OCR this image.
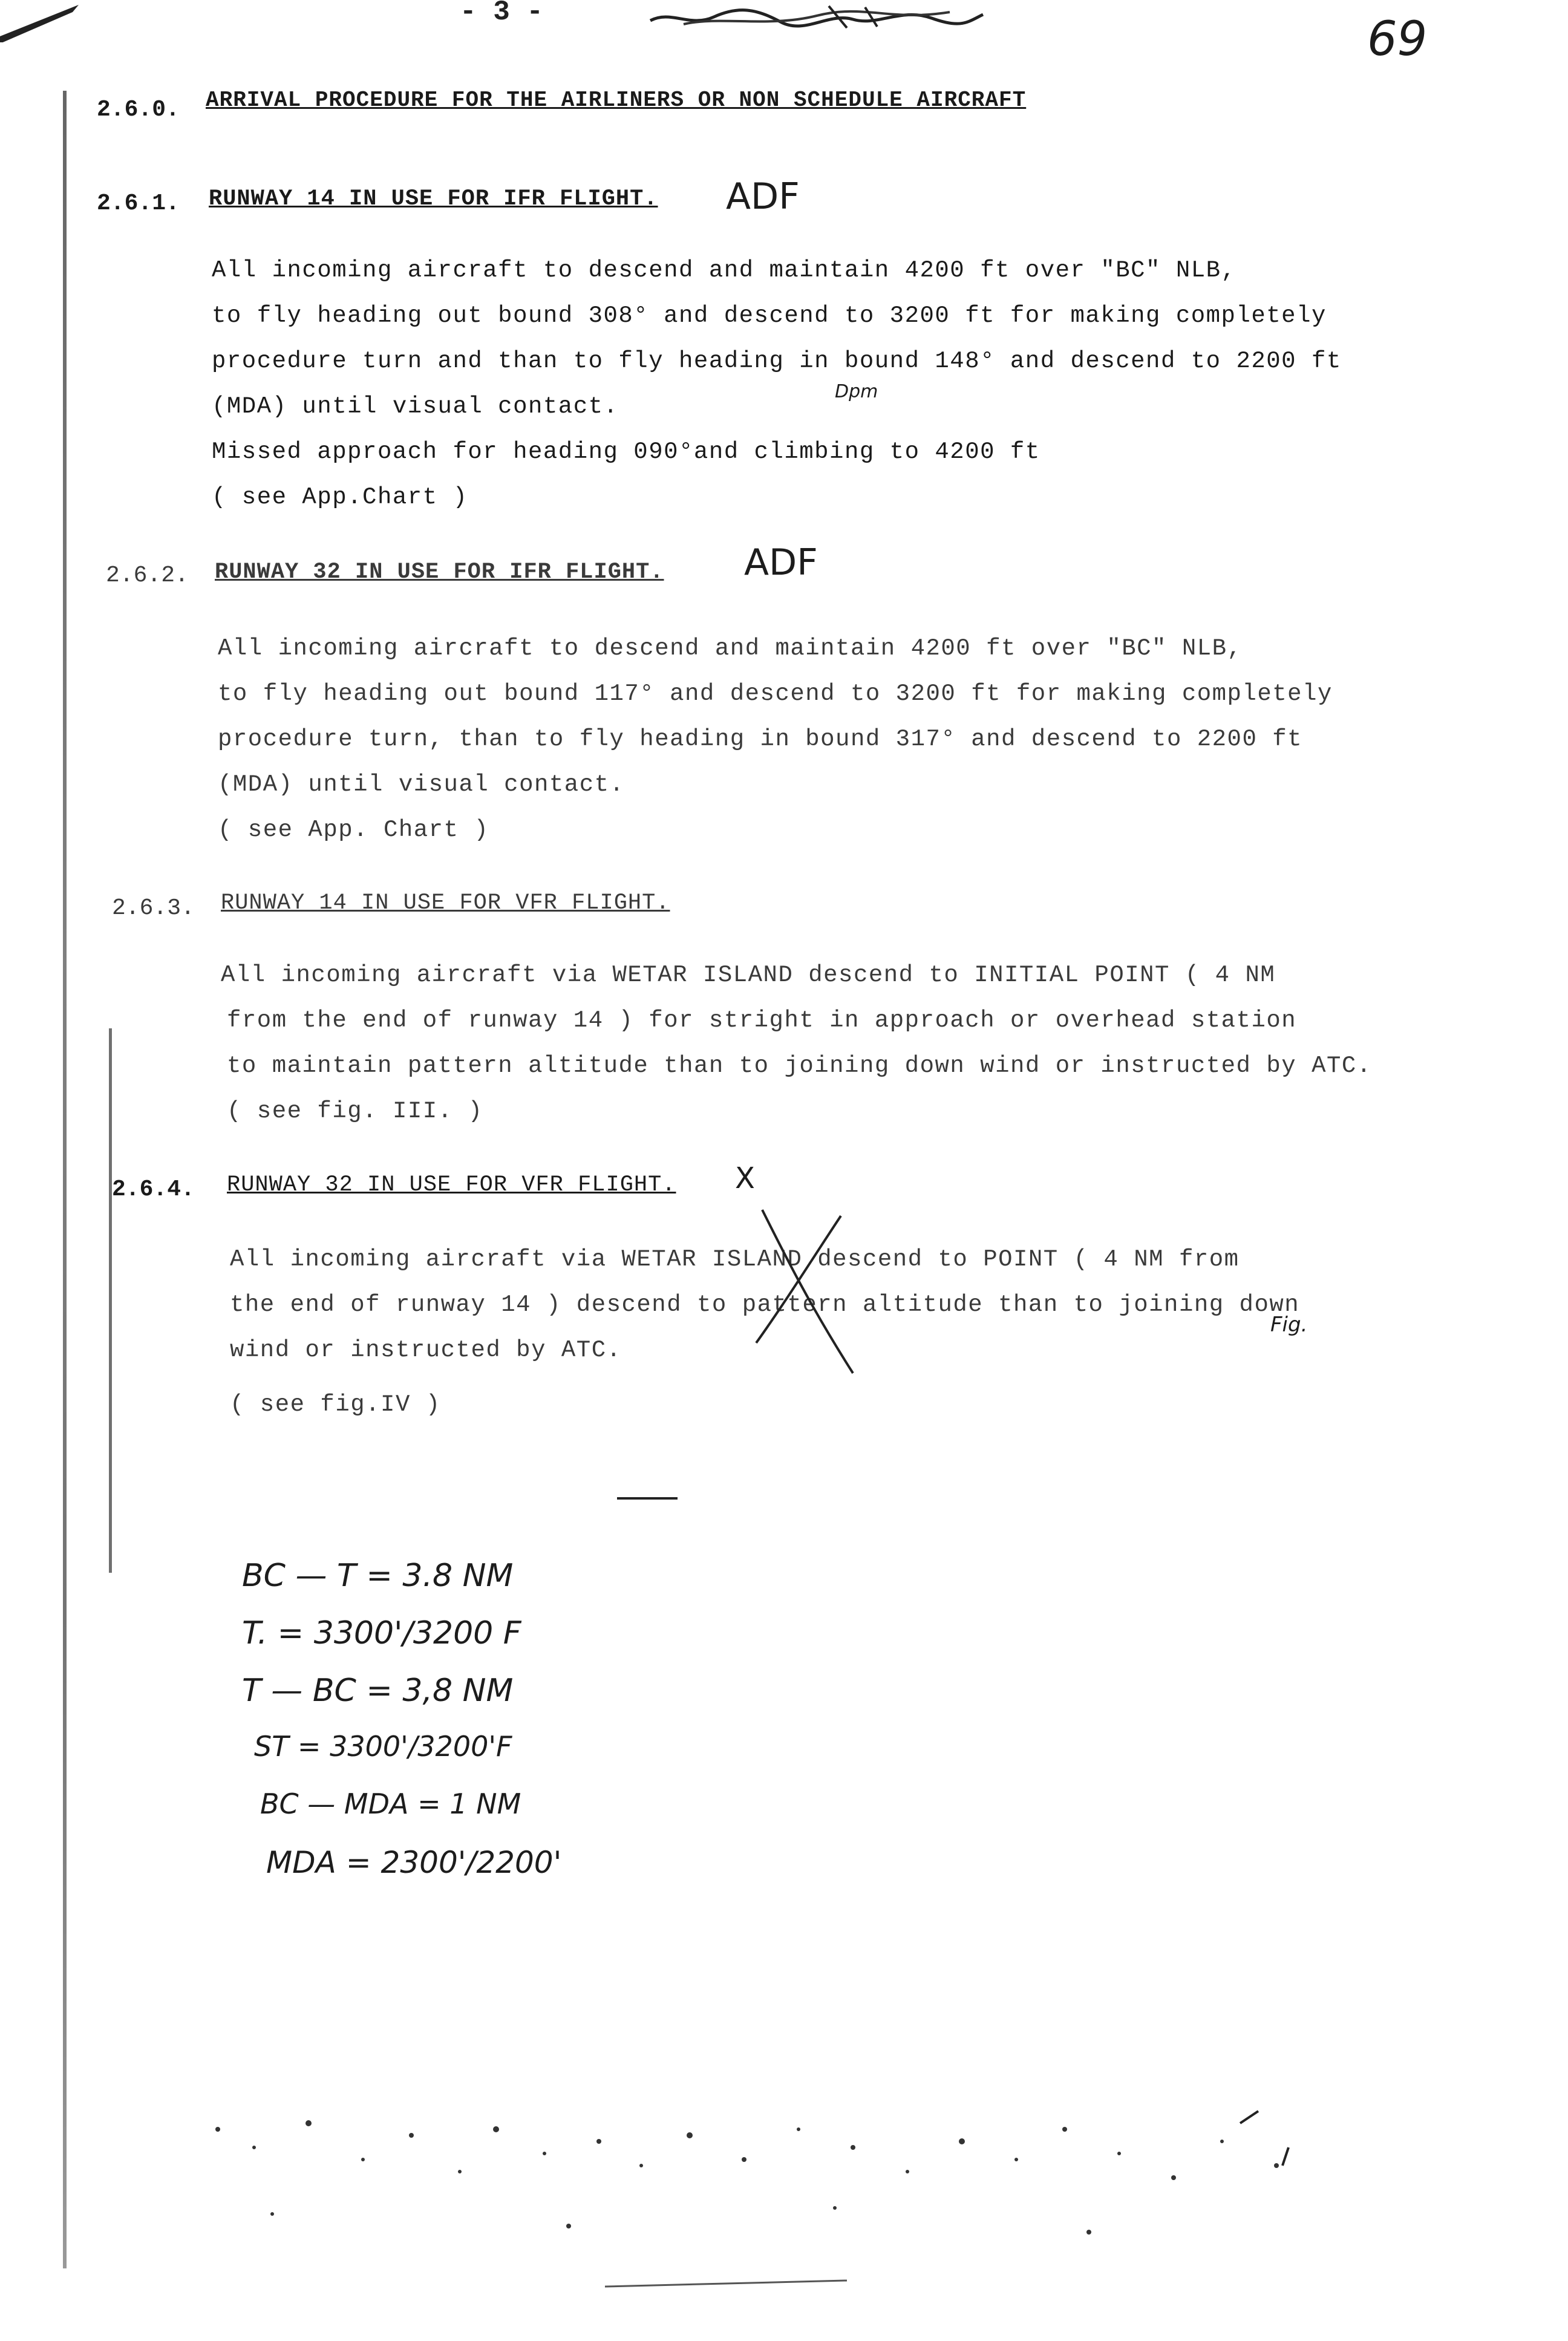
- 3 -	69
2.6.0. ARRIVAL PROCEDURE FOR THE AIRLINERS OR NON SCHEDULE AIRCRAFT
2.6.1. RUNWAY 14 IN USE FOR IFR FLIGHT. ADF
All incoming aircraft to descend and maintain 4200 ft over "BC" NLB,
to fly heading out bound 308° and descend to 3200 ft for making completely
procedure turn and than to fly heading in bound 148° and descend to 2200 ft
Dpm
(MDA) until visual contact.
Missed approach for heading 090°and climbing to 4200 ft
( see App.Chart )
2.6.2. RUNWAY 32 IN USE FOR IFR FLIGHT. ADF
All incoming aircraft to descend and maintain 4200 ft over "BC" NLB,
to fly heading out bound 117° and descend to 3200 ft for making completely
procedure turn, than to fly heading in bound 317° and descend to 2200 ft
(MDA) until visual contact.
( see App. Chart )
2.6.3. RUNWAY 14 IN USE FOR VFR FLIGHT.
All incoming aircraft via WETAR ISLAND descend to INITIAL POINT ( 4 NM
from the end of runway 14 ) for stright in approach or overhead station
to maintain pattern altitude than to joining down wind or instructed by ATC.
( see fig. III. )
2.6.4. RUNWAY 32 IN USE FOR VFR FLIGHT. X
All incoming aircraft via WETAR ISLAND descend to POINT ( 4 NM from
the end of runway 14 ) descend to pattern altitude than to joining down
wind or instructed by ATC.
Fig.
( see fig.IV )
BC — T = 3.8 NM
T. = 3300'/3200 F
T — BC = 3,8 NM
ST = 3300'/3200'F
BC — MDA = 1 NM
MDA = 2300'/2200'
